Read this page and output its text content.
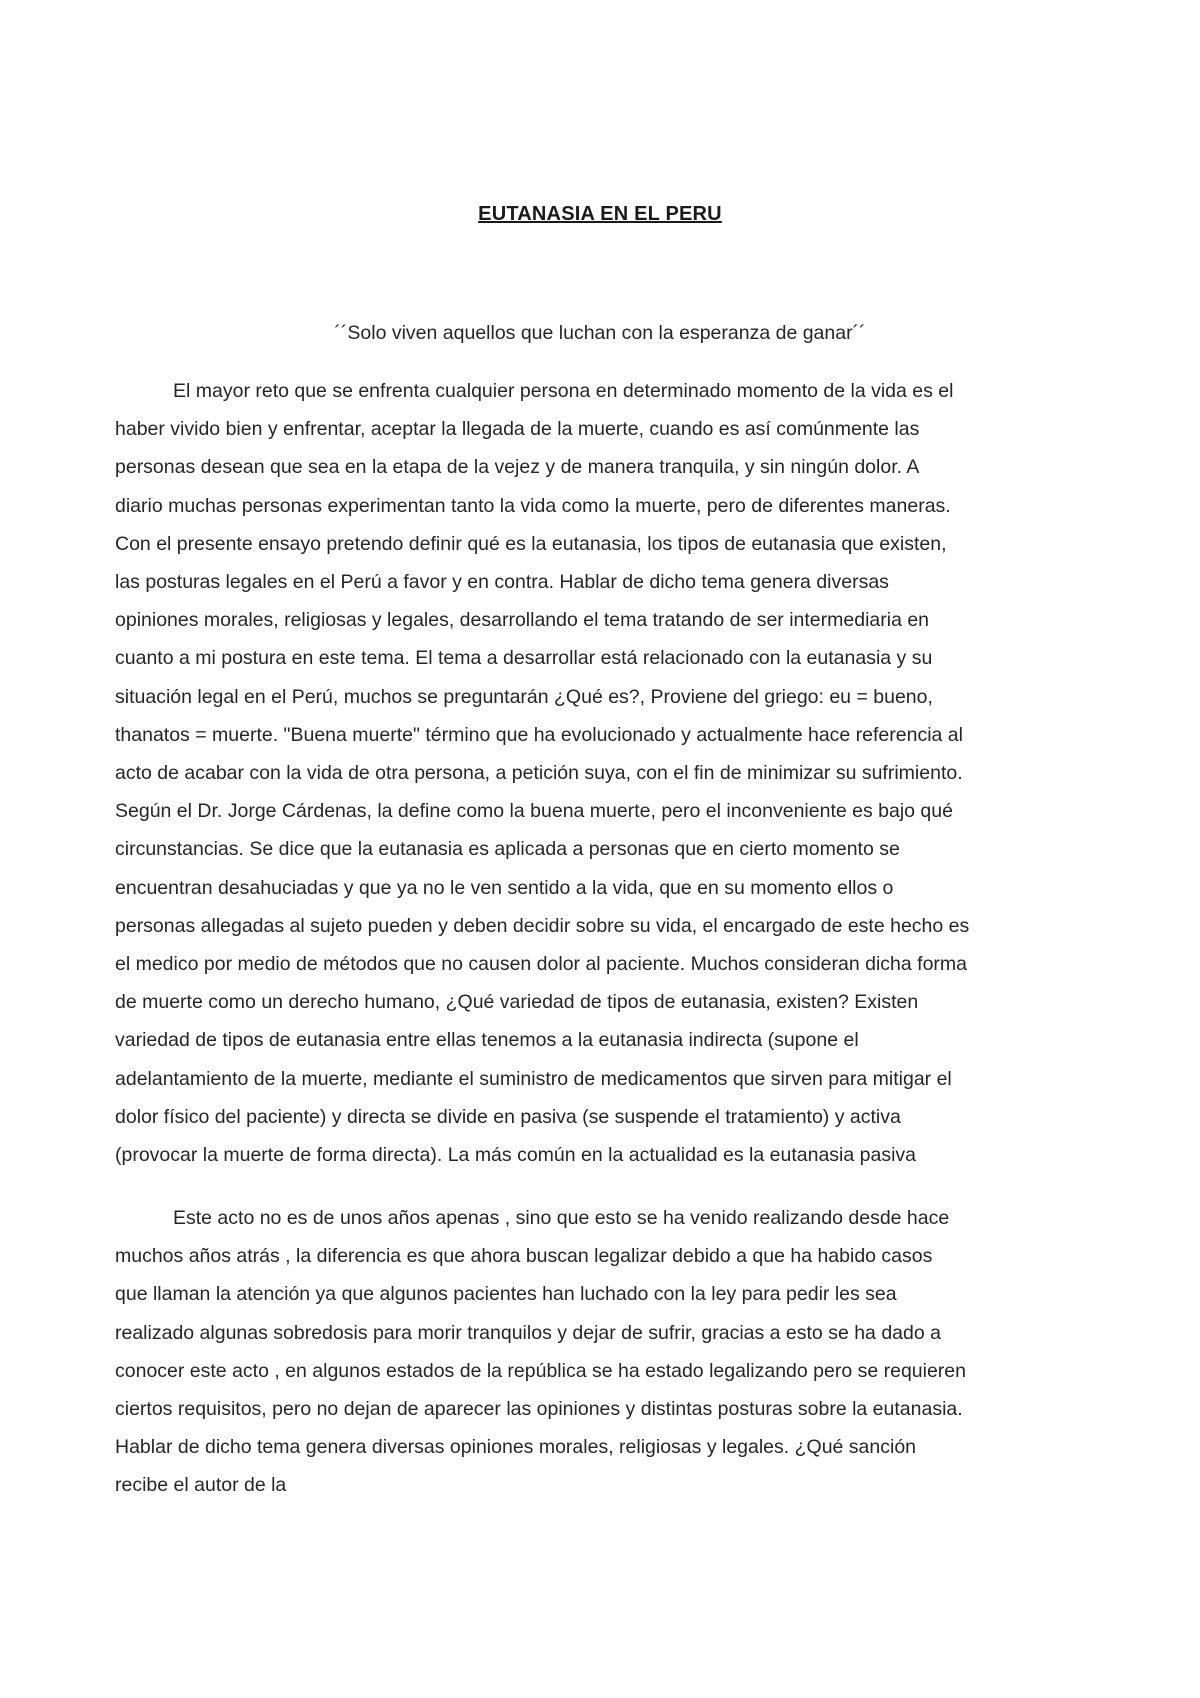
EUTANASIA EN EL PERU

´´Solo viven aquellos que luchan con la esperanza de ganar´´

El mayor reto que se enfrenta cualquier persona en determinado momento de la vida es el
haber vivido bien y enfrentar, aceptar la llegada de la muerte, cuando es así comúnmente las
personas desean que sea en la etapa de la vejez y de manera tranquila, y sin ningún dolor. A
diario muchas personas experimentan tanto la vida como la muerte, pero de diferentes maneras.
Con el presente ensayo pretendo definir qué es la eutanasia, los tipos de eutanasia que existen,
las posturas legales en el Perú a favor y en contra. Hablar de dicho tema genera diversas
opiniones morales, religiosas y legales, desarrollando el tema tratando de ser intermediaria en
cuanto a mi postura en este tema. El tema a desarrollar está relacionado con la eutanasia y su
situación legal en el Perú, muchos se preguntarán ¿Qué es?, Proviene del griego: eu = bueno,
thanatos = muerte. "Buena muerte" término que ha evolucionado y actualmente hace referencia al
acto de acabar con la vida de otra persona, a petición suya, con el fin de minimizar su sufrimiento.
Según el Dr. Jorge Cárdenas, la define como la buena muerte, pero el inconveniente es bajo qué
circunstancias. Se dice que la eutanasia es aplicada a personas que en cierto momento se
encuentran desahuciadas y que ya no le ven sentido a la vida, que en su momento ellos o
personas allegadas al sujeto pueden y deben decidir sobre su vida, el encargado de este hecho es
el medico por medio de métodos que no causen dolor al paciente. Muchos consideran dicha forma
de muerte como un derecho humano, ¿Qué variedad de tipos de eutanasia, existen? Existen
variedad de tipos de eutanasia entre ellas tenemos a la eutanasia indirecta (supone el
adelantamiento de la muerte, mediante el suministro de medicamentos que sirven para mitigar el
dolor físico del paciente) y directa se divide en pasiva (se suspende el tratamiento) y activa
(provocar la muerte de forma directa). La más común en la actualidad es la eutanasia pasiva
Este acto no es de unos años apenas , sino que esto se ha venido realizando desde hace
muchos años atrás , la diferencia es que ahora buscan legalizar debido a que ha habido casos
que llaman la atención ya que algunos pacientes han luchado con la ley para pedir les sea
realizado algunas sobredosis para morir tranquilos y dejar de sufrir, gracias a esto se ha dado a
conocer este acto , en algunos estados de la república se ha estado legalizando pero se requieren
ciertos requisitos, pero no dejan de aparecer las opiniones y distintas posturas sobre la eutanasia.
Hablar de dicho tema genera diversas opiniones morales, religiosas y legales. ¿Qué sanción
recibe el autor de la
